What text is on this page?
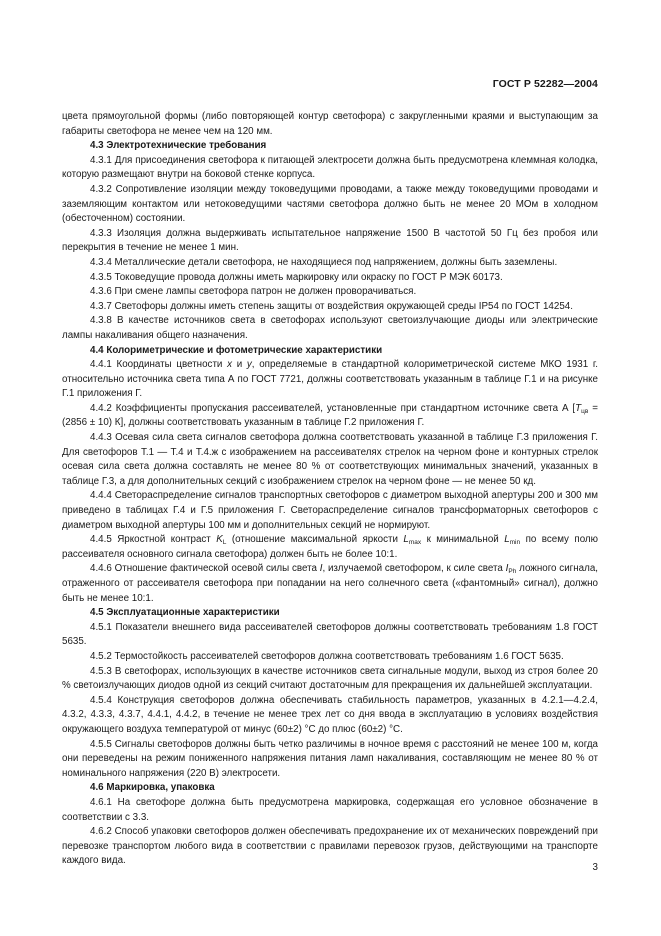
ГОСТ Р 52282—2004

цвета прямоугольной формы (либо повторяющей контур светофора) с закругленными краями и выступающим за габариты светофора не менее чем на 120 мм.

4.3 Электротехнические требования

4.3.1 Для присоединения светофора к питающей электросети должна быть предусмотрена клеммная колодка, которую размещают внутри на боковой стенке корпуса.

4.3.2 Сопротивление изоляции между токоведущими проводами, а также между токоведущими проводами и заземляющим контактом или нетоковедущими частями светофора должно быть не менее 20 МОм в холодном (обесточенном) состоянии.

4.3.3 Изоляция должна выдерживать испытательное напряжение 1500 В частотой 50 Гц без пробоя или перекрытия в течение не менее 1 мин.

4.3.4 Металлические детали светофора, не находящиеся под напряжением, должны быть заземлены.

4.3.5 Токоведущие провода должны иметь маркировку или окраску по ГОСТ Р МЭК 60173.

4.3.6 При смене лампы светофора патрон не должен проворачиваться.

4.3.7 Светофоры должны иметь степень защиты от воздействия окружающей среды IP54 по ГОСТ 14254.

4.3.8 В качестве источников света в светофорах используют светоизлучающие диоды или электрические лампы накаливания общего назначения.

4.4 Колориметрические и фотометрические характеристики

4.4.1 Координаты цветности x и y, определяемые в стандартной колориметрической системе МКО 1931 г. относительно источника света типа А по ГОСТ 7721, должны соответствовать указанным в таблице Г.1 и на рисунке Г.1 приложения Г.

4.4.2 Коэффициенты пропускания рассеивателей, установленные при стандартном источнике света А [$T_{цв} = (2856 \pm 10)$ К], должны соответствовать указанным в таблице Г.2 приложения Г.

4.4.3 Осевая сила света сигналов светофора должна соответствовать указанной в таблице Г.3 приложения Г. Для светофоров Т.1 — Т.4 и Т.4.ж с изображением на рассеивателях стрелок на черном фоне и контурных стрелок осевая сила света должна составлять не менее 80 % от соответствующих минимальных значений, указанных в таблице Г.3, а для дополнительных секций с изображением стрелок на черном фоне — не менее 50 кд.

4.4.4 Светораспределение сигналов транспортных светофоров с диаметром выходной апертуры 200 и 300 мм приведено в таблицах Г.4 и Г.5 приложения Г. Светораспределение сигналов трансформаторных светофоров с диаметром выходной апертуры 100 мм и дополнительных секций не нормируют.

4.4.5 Яркостной контраст $K_L$ (отношение максимальной яркости $L_{max}$ к минимальной $L_{min}$ по всему полю рассеивателя основного сигнала светофора) должен быть не более 10:1.

4.4.6 Отношение фактической осевой силы света I, излучаемой светофором, к силе света $I_{Ph}$ ложного сигнала, отраженного от рассеивателя светофора при попадании на него солнечного света («фантомный» сигнал), должно быть не менее 10:1.

4.5 Эксплуатационные характеристики

4.5.1 Показатели внешнего вида рассеивателей светофоров должны соответствовать требованиям 1.8 ГОСТ 5635.

4.5.2 Термостойкость рассеивателей светофоров должна соответствовать требованиям 1.6 ГОСТ 5635.

4.5.3 В светофорах, использующих в качестве источников света сигнальные модули, выход из строя более 20 % светоизлучающих диодов одной из секций считают достаточным для прекращения их дальнейшей эксплуатации.

4.5.4 Конструкция светофоров должна обеспечивать стабильность параметров, указанных в 4.2.1—4.2.4, 4.3.2, 4.3.3, 4.3.7, 4.4.1, 4.4.2, в течение не менее трех лет со дня ввода в эксплуатацию в условиях воздействия окружающего воздуха температурой от минус (60±2) °С до плюс (60±2) °С.

4.5.5 Сигналы светофоров должны быть четко различимы в ночное время с расстояний не менее 100 м, когда они переведены на режим пониженного напряжения питания ламп накаливания, составляющим не менее 80 % от номинального напряжения (220 В) электросети.

4.6 Маркировка, упаковка

4.6.1 На светофоре должна быть предусмотрена маркировка, содержащая его условное обозначение в соответствии с 3.3.

4.6.2 Способ упаковки светофоров должен обеспечивать предохранение их от механических повреждений при перевозке транспортом любого вида в соответствии с правилами перевозок грузов, действующими на транспорте каждого вида.

3
